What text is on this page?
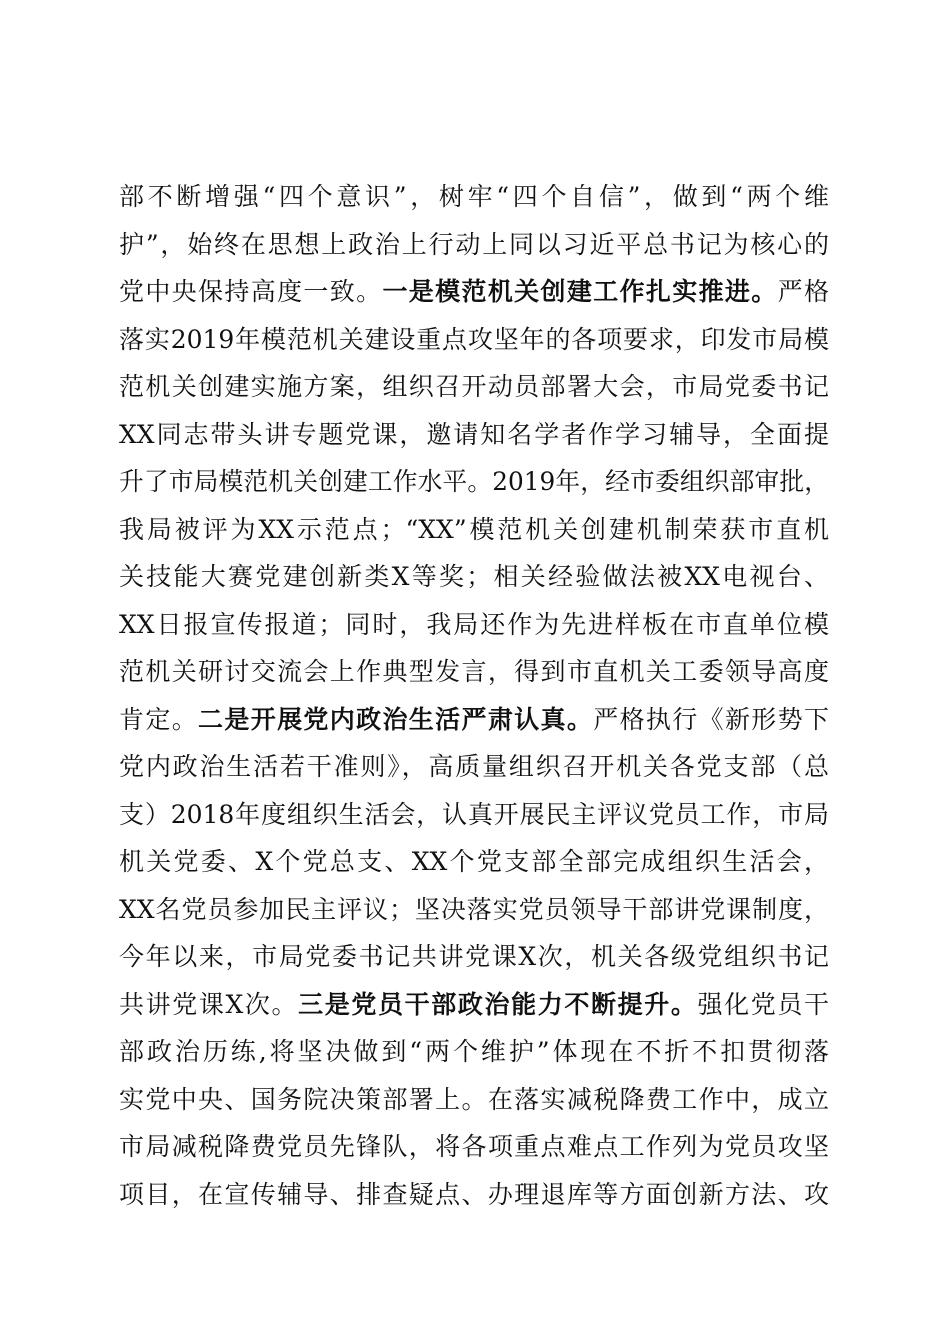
部不断增强“四个意识”，树牢“四个自信”，做到“两个维
护”，始终在思想上政治上行动上同以习近平总书记为核心的
党中央保持高度一致。一是模范机关创建工作扎实推进。严格
落实2019年模范机关建设重点攻坚年的各项要求，印发市局模
范机关创建实施方案，组织召开动员部署大会，市局党委书记
XX同志带头讲专题党课，邀请知名学者作学习辅导，全面提
升了市局模范机关创建工作水平。2019年，经市委组织部审批，
我局被评为XX示范点；“XX”模范机关创建机制荣获市直机
关技能大赛党建创新类X等奖；相关经验做法被XX电视台、
XX日报宣传报道；同时，我局还作为先进样板在市直单位模
范机关研讨交流会上作典型发言，得到市直机关工委领导高度
肯定。二是开展党内政治生活严肃认真。严格执行《新形势下
党内政治生活若干准则》，高质量组织召开机关各党支部（总
支）2018年度组织生活会，认真开展民主评议党员工作，市局
机关党委、X个党总支、XX个党支部全部完成组织生活会，
XX名党员参加民主评议；坚决落实党员领导干部讲党课制度，
今年以来，市局党委书记共讲党课X次，机关各级党组织书记
共讲党课X次。三是党员干部政治能力不断提升。强化党员干
部政治历练,将坚决做到“两个维护”体现在不折不扣贯彻落
实党中央、国务院决策部署上。在落实减税降费工作中，成立
市局减税降费党员先锋队，将各项重点难点工作列为党员攻坚
项目，在宣传辅导、排查疑点、办理退库等方面创新方法、攻
